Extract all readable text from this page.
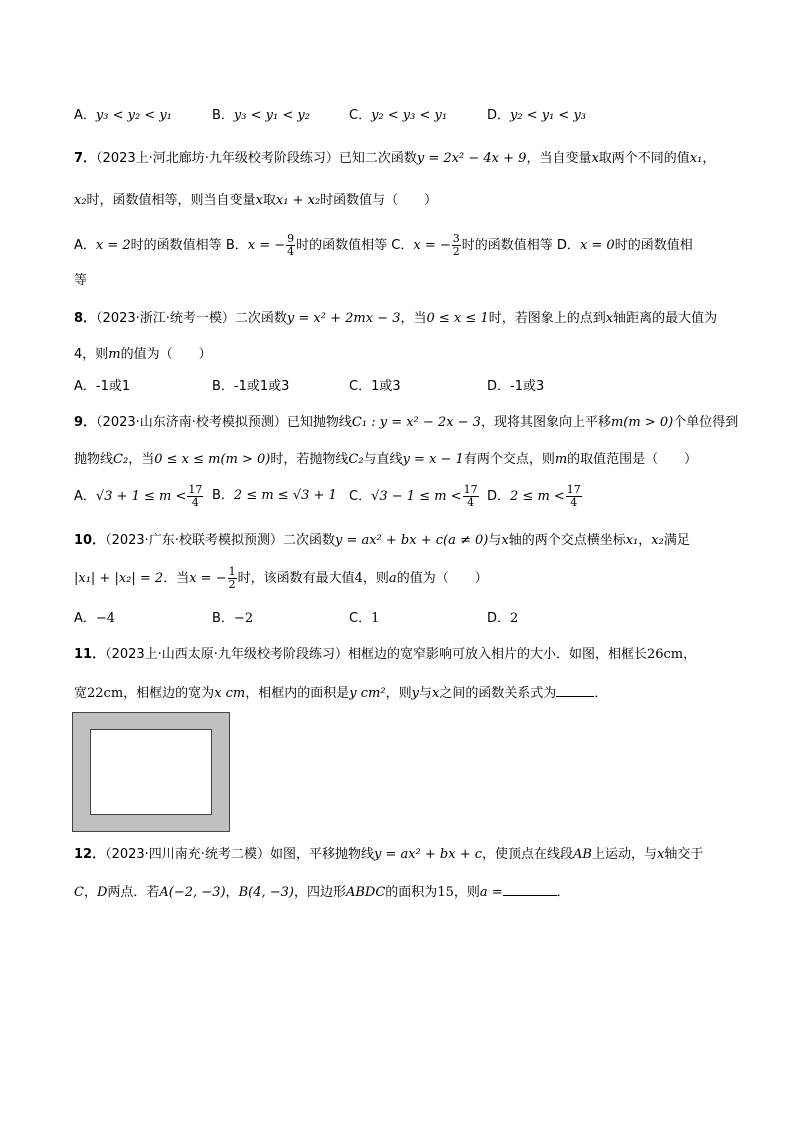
A．y₃ < y₂ < y₁	B．y₃ < y₁ < y₂	C．y₂ < y₃ < y₁	D．y₂ < y₁ < y₃
7．（2023上·河北廊坊·九年级校考阶段练习）已知二次函数y = 2x² − 4x + 9，当自变量x取两个不同的值x₁，
x₂时，函数值相等，则当自变量x取x₁ + x₂时函数值与（　　）
A．x = 2时的函数值相等 B．x = − $\frac{9}{4}$ 时的函数值相等 C．x = − $\frac{3}{2}$ 时的函数值相等 D．x = 0时的函数值相
等
8．（2023·浙江·统考一模）二次函数y = x² + 2mx − 3，当0 ≤ x ≤ 1时，若图象上的点到x轴距离的最大值为
4，则m的值为（　　）
A．-1或1	B．-1或1或3	C．1或3	D．-1或3
9．（2023·山东济南·校考模拟预测）已知抛物线C₁ : y = x² − 2x − 3，现将其图象向上平移m(m > 0)个单位得到
抛物线C₂，当0 ≤ x ≤ m(m > 0)时，若抛物线C₂与直线y = x − 1有两个交点，则m的取值范围是（　　）
A．$√3 + 1 \le m < \frac{17}{4}$ B．2 ≤ m ≤ √3 + 1 C．$√3 - 1 \le m < \frac{17}{4}$ D．$2 \le m < \frac{17}{4}$
10．（2023·广东·校联考模拟预测）二次函数y = ax² + bx + c(a ≠ 0)与x轴的两个交点横坐标x₁，x₂满足
|x₁| + |x₂| = 2．当x = − $\frac{1}{2}$ 时，该函数有最大值4，则a的值为（　　）
A．−4	B．−2	C．1	D．2
11．（2023上·山西太原·九年级校考阶段练习）相框边的宽窄影响可放入相片的大小．如图，相框长26cm，
宽22cm，相框边的宽为x cm，相框内的面积是y cm²，则y与x之间的函数关系式为	．
12．（2023·四川南充·统考二模）如图，平移抛物线y = ax² + bx + c，使顶点在线段AB上运动，与x轴交于
C，D两点．若A(−2, −3)，B(4, −3)，四边形ABDC的面积为15，则a =	．
